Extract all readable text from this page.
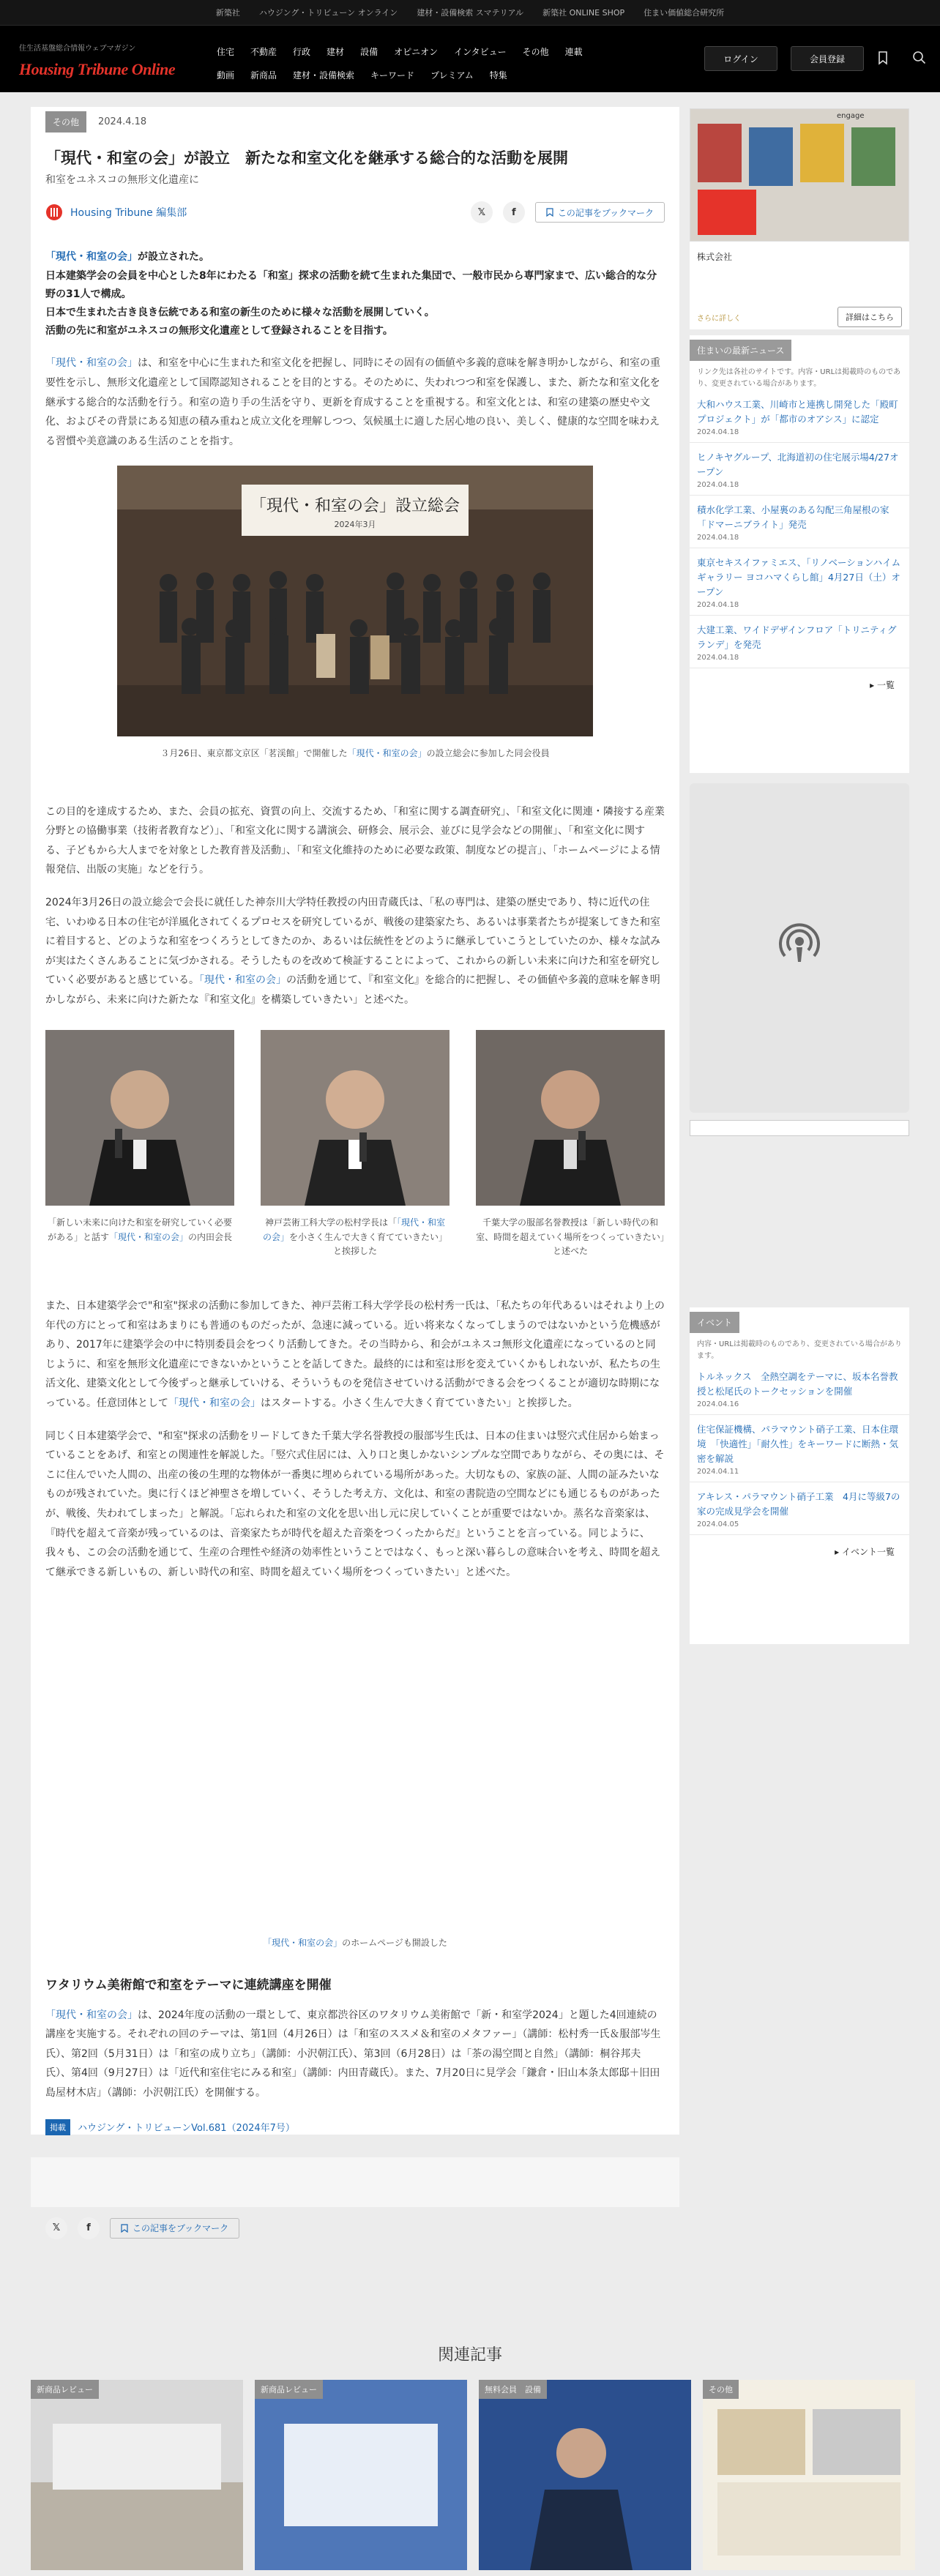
新築社 ハウジング・トリビューン オンライン 建材・設備検索 スマテリアル 新築社 ONLINE SHOP 住まい価値総合研究所
住生活基盤総合情報ウェブマガジン
Housing Tribune Online
住宅 不動産 行政 建材 設備 オピニオン インタビュー その他 連載
動画 新商品 建材・設備検索 キーワード プレミアム 特集
ログイン	会員登録
その他	2024.4.18
「現代・和室の会」が設立　新たな和室文化を継承する総合的な活動を展開
和室をユネスコの無形文化遺産に
Housing Tribune 編集部	𝕏	f	この記事をブックマーク
「現代・和室の会」が設立された。
日本建築学会の会員を中心とした8年にわたる「和室」探求の活動を続て生まれた集団で、一般市民から専門家まで、広い総合的な分野の31人で構成。
日本で生まれた古き良き伝統である和室の新生のために様々な活動を展開していく。
活動の先に和室がユネスコの無形文化遺産として登録されることを目指す。

「現代・和室の会」は、和室を中心に生まれた和室文化を把握し、同時にその固有の価値や多義的意味を解き明かしながら、和室の重要性を示し、無形文化遺産として国際認知されることを目的とする。そのために、失われつつ和室を保護し、また、新たな和室文化を継承する総合的な活動を行う。和室の造り手の生活を守り、更新を育成することを重視する。和室文化とは、和室の建築の歴史や文化、およびその背景にある知恵の積み重ねと成立文化を理解しつつ、気候風土に適した居心地の良い、美しく、健康的な空間を味わえる習慣や美意識のある生活のことを指す。

「現代・和室の会」設立総会
2024年3月
３月26日、東京都文京区「茗渓館」で開催した「現代・和室の会」の設立総会に参加した同会役員

この目的を達成するため、また、会員の拡充、資質の向上、交流するため、「和室に関する調査研究」、「和室文化に関連・隣接する産業分野との協働事業（技術者教育など）」、「和室文化に関する講演会、研修会、展示会、並びに見学会などの開催」、「和室文化に関する、子どもから大人までを対象とした教育普及活動」、「和室文化維持のために必要な政策、制度などの提言」、「ホームページによる情報発信、出版の実施」などを行う。

2024年3月26日の設立総会で会長に就任した神奈川大学特任教授の内田青蔵氏は、「私の専門は、建築の歴史であり、特に近代の住宅、いわゆる日本の住宅が洋風化されてくるプロセスを研究しているが、戦後の建築家たち、あるいは事業者たちが提案してきた和室に着目すると、どのような和室をつくろうとしてきたのか、あるいは伝統性をどのように継承していこうとしていたのか、様々な試みが実はたくさんあることに気づかされる。そうしたものを改めて検証することによって、これからの新しい未来に向けた和室を研究していく必要があると感じている。「現代・和室の会」の活動を通じて、『和室文化』を総合的に把握し、その価値や多義的意味を解き明かしながら、未来に向けた新たな『和室文化』を構築していきたい」と述べた。

「新しい未来に向けた和室を研究していく必要がある」と話す「現代・和室の会」の内田会長
神戸芸術工科大学の松村学長は「「現代・和室の会」を小さく生んで大きく育てていきたい」と挨拶した
千葉大学の服部名誉教授は「新しい時代の和室、時間を超えていく場所をつくっていきたい」と述べた

また、日本建築学会で"和室"探求の活動に参加してきた、神戸芸術工科大学学長の松村秀一氏は、「私たちの年代あるいはそれより上の年代の方にとって和室はあまりにも普通のものだったが、急速に減っている。近い将来なくなってしまうのではないかという危機感があり、2017年に建築学会の中に特別委員会をつくり活動してきた。その当時から、和会がユネスコ無形文化遺産になっているのと同じように、和室を無形文化遺産にできないかということを話してきた。最終的には和室は形を変えていくかもしれないが、私たちの生活文化、建築文化として今後ずっと継承していける、そういうものを発信させていける活動ができる会をつくることが適切な時期になっている。任意団体として「現代・和室の会」はスタートする。小さく生んで大きく育てていきたい」と挨拶した。

同じく日本建築学会で、"和室"探求の活動をリードしてきた千葉大学名誉教授の服部岑生氏は、日本の住まいは竪穴式住居から始まっていることをあげ、和室との関連性を解説した。「竪穴式住居には、入り口と奥しかないシンプルな空間でありながら、その奥には、そこに住んでいた人間の、出産の後の生理的な物体が一番奥に埋められている場所があった。大切なもの、家族の証、人間の証みたいなものが残されていた。奥に行くほど神聖さを増していく、そうした考え方、文化は、和室の書院造の空間などにも通じるものがあったが、戦後、失われてしまった」と解説。「忘れられた和室の文化を思い出し元に戻していくことが重要ではないか。蒸名な音楽家は、『時代を超えて音楽が残っているのは、音楽家たちが時代を超えた音楽をつくったからだ』ということを言っている。同じように、我々も、この会の活動を通じて、生産の合理性や経済の効率性ということではなく、もっと深い暮らしの意味合いを考え、時間を超えて継承できる新しいもの、新しい時代の和室、時間を超えていく場所をつくっていきたい」と述べた。

「現代・和室の会」のホームページも開設した
ワタリウム美術館で和室をテーマに連続講座を開催

「現代・和室の会」は、2024年度の活動の一環として、東京都渋谷区のワタリウム美術館で「新・和室学2024」と題した4回連続の講座を実施する。それぞれの回のテーマは、第1回（4月26日）は「和室のススメ＆和室のメタファー」（講師：松村秀一氏＆服部岑生氏）、第2回（5月31日）は「和室の成り立ち」（講師：小沢朝江氏）、第3回（6月28日）は「茶の湯空間と自然」（講師：桐谷邦夫氏）、第4回（9月27日）は「近代和室住宅にみる和室」（講師：内田青蔵氏）。また、7月20日に見学会「鎌倉・旧山本条太郎邸＋旧田島屋材木店」（講師：小沢朝江氏）を開催する。

掲載	ハウジング・トリビューンVol.681（2024年7号）
𝕏	f	この記事をブックマーク
engage
株式会社
さらに詳しく	詳細はこちら
住まいの最新ニュース
リンク先は各社のサイトです。内容・URLは掲載時のものであり、変更されている場合があります。
大和ハウス工業、川崎市と連携し開発した「殿町プロジェクト」が「都市のオアシス」に認定
2024.04.18
ヒノキヤグループ、北海道初の住宅展示場4/27オープン
2024.04.18
積水化学工業、小屋裏のある勾配三角屋根の家「ドマーニブライト」発売
2024.04.18
東京セキスイファミエス、「リノベーションハイムギャラリー ヨコハマくらし館」4月27日（土）オープン
2024.04.18
大建工業、ワイドデザインフロア「トリニティグランデ」を発売
2024.04.18
▸ 一覧
イベント
内容・URLは掲載時のものであり、変更されている場合があります。
トルネックス　全熱空調をテーマに、坂本名誉教授と松尾氏のトークセッションを開催
2024.04.16
住宅保証機構、パラマウント硝子工業、日本住環境　「快適性」「耐久性」をキーワードに断熱・気密を解説
2024.04.11
アキレス・パラマウント硝子工業　4月に等級7の家の完成見学会を開催
2024.04.05
▸ イベント一覧
関連記事
新商品レビュー	新商品レビュー	無料会員　設備	その他
